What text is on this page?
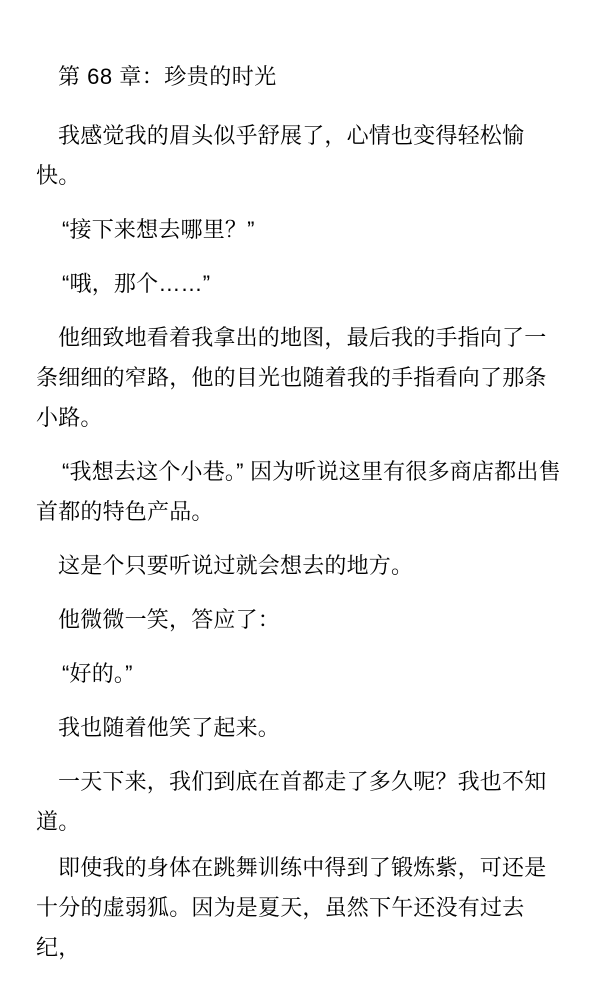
第 68 章：珍贵的时光

我感觉我的眉头似乎舒展了，心情也变得轻松愉快。

“接下来想去哪里？”

“哦，那个……”

他细致地看着我拿出的地图，最后我的手指向了一条细细的窄路，他的目光也随着我的手指看向了那条小路。

“我想去这个小巷。” 因为听说这里有很多商店都出售首都的特色产品。

这是个只要听说过就会想去的地方。

他微微一笑，答应了：

“好的。”

我也随着他笑了起来。

一天下来，我们到底在首都走了多久呢？我也不知道。

即使我的身体在跳舞训练中得到了锻炼紫，可还是十分的虚弱狐。因为是夏天，虽然下午还没有过去纪，
